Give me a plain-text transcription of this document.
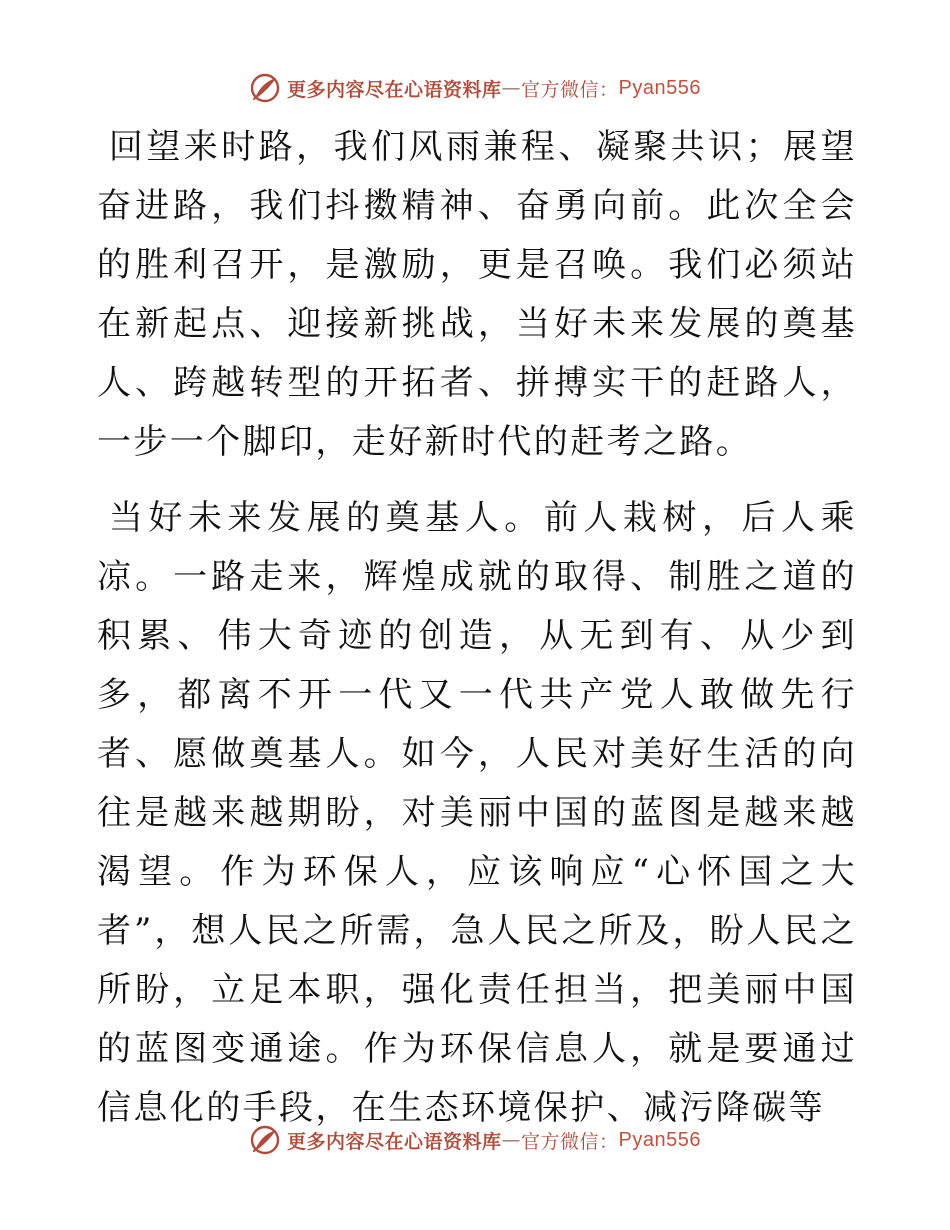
更多内容尽在心语资料库 — 官方微信： Pyan556

回望来时路，我们风雨兼程、凝聚共识；展望奋进路，我们抖擞精神、奋勇向前。此次全会的胜利召开，是激励，更是召唤。我们必须站在新起点、迎接新挑战，当好未来发展的奠基人、跨越转型的开拓者、拼搏实干的赶路人，一步一个脚印，走好新时代的赶考之路。

当好未来发展的奠基人。前人栽树，后人乘凉。一路走来，辉煌成就的取得、制胜之道的积累、伟大奇迹的创造，从无到有、从少到多，都离不开一代又一代共产党人敢做先行者、愿做奠基人。如今，人民对美好生活的向往是越来越期盼，对美丽中国的蓝图是越来越渴望。作为环保人，应该响应“心怀国之大者”，想人民之所需，急人民之所及，盼人民之所盼，立足本职，强化责任担当，把美丽中国的蓝图变通途。作为环保信息人，就是要通过信息化的手段，在生态环境保护、减污降碳等

更多内容尽在心语资料库 — 官方微信： Pyan556
